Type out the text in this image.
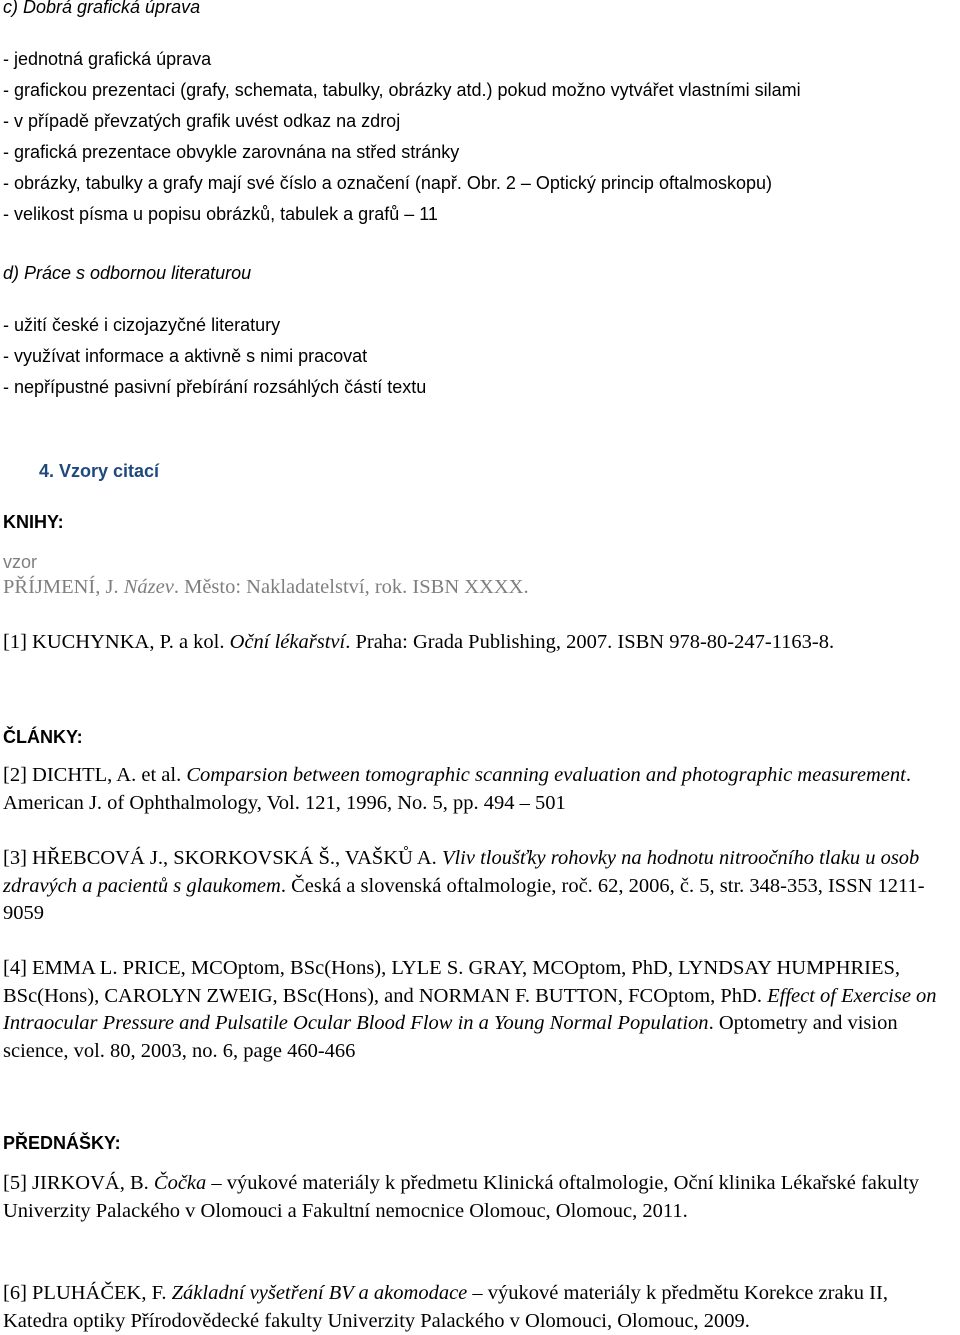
c) Dobrá grafická úprava
- jednotná grafická úprava
- grafickou prezentaci (grafy, schemata, tabulky, obrázky atd.) pokud možno vytvářet vlastními silami
- v případě převzatých grafik uvést odkaz na zdroj
- grafická prezentace obvykle zarovnána na střed stránky
- obrázky, tabulky a grafy mají své číslo a označení (např. Obr. 2 – Optický princip oftalmoskopu)
- velikost písma u popisu obrázků, tabulek a grafů – 11
d) Práce s odbornou literaturou
- užití české i cizojazyčné literatury
- využívat informace a aktivně s nimi pracovat
- nepřípustné pasivní přebírání rozsáhlých částí textu
4. Vzory citací
KNIHY:
vzor
PŘÍJMENÍ, J. Název. Město: Nakladatelství, rok. ISBN XXXX.
[1] KUCHYNKA, P. a kol. Oční lékařství. Praha: Grada Publishing, 2007. ISBN 978-80-247-1163-8.
ČLÁNKY:
[2] DICHTL, A. et al. Comparsion between tomographic scanning evaluation and photographic measurement. American J. of Ophthalmology, Vol. 121, 1996, No. 5, pp. 494 – 501
[3] HŘEBCOVÁ J., SKORKOVSKÁ Š., VAŠKŮ A. Vliv tloušťky rohovky na hodnotu nitroočního tlaku u osob zdravých a pacientů s glaukomem. Česká a slovenská oftalmologie, roč. 62, 2006, č. 5, str. 348-353, ISSN 1211-9059
[4] EMMA L. PRICE, MCOptom, BSc(Hons), LYLE S. GRAY, MCOptom, PhD, LYNDSAY HUMPHRIES, BSc(Hons), CAROLYN ZWEIG, BSc(Hons), and NORMAN F. BUTTON, FCOptom, PhD. Effect of Exercise on Intraocular Pressure and Pulsatile Ocular Blood Flow in a Young Normal Population. Optometry and vision science, vol. 80, 2003, no. 6, page 460-466
PŘEDNÁŠKY:
[5] JIRKOVÁ, B. Čočka – výukové materiály k předmetu Klinická oftalmologie, Oční klinika Lékařské fakulty Univerzity Palackého v Olomouci a Fakultní nemocnice Olomouc, Olomouc, 2011.
[6] PLUHÁČEK, F. Základní vyšetření BV a akomodace – výukové materiály k předmětu Korekce zraku II, Katedra optiky Přírodovědecké fakulty Univerzity Palackého v Olomouci, Olomouc, 2009.
